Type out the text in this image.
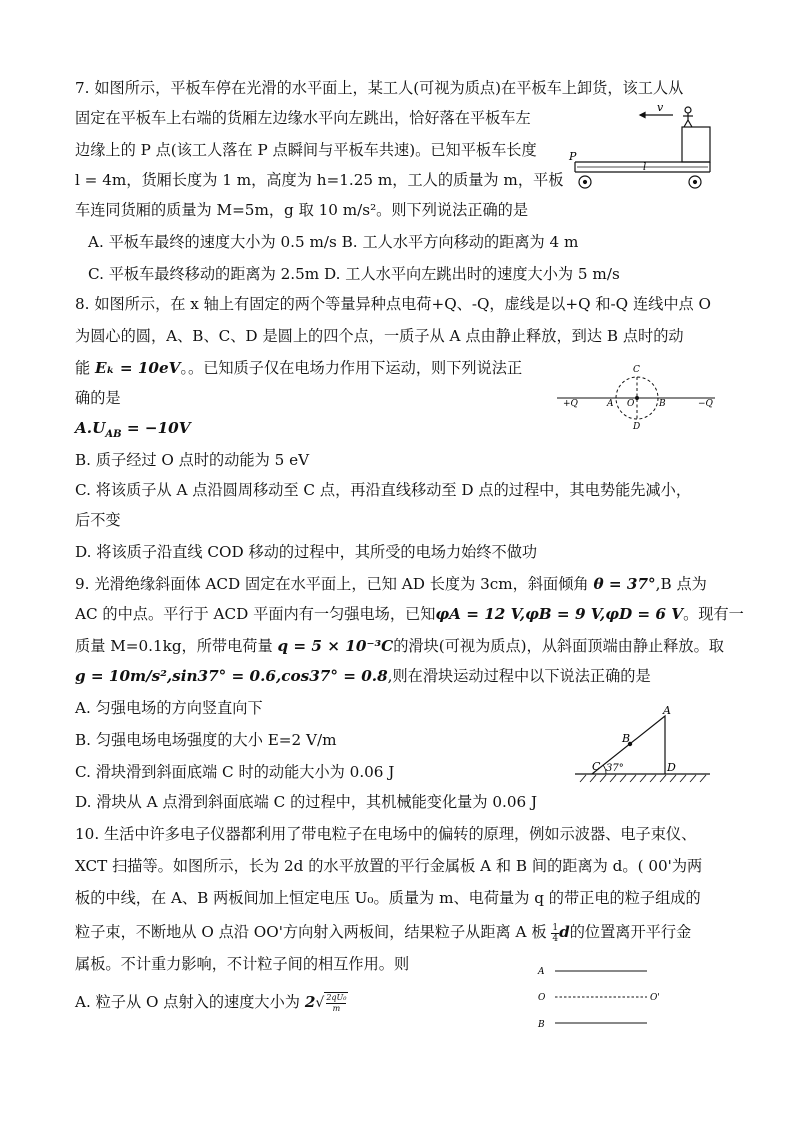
7. 如图所示，平板车停在光滑的水平面上，某工人(可视为质点)在平板车上卸货，该工人从
固定在平板车上右端的货厢左边缘水平向左跳出，恰好落在平板车左
边缘上的 P 点(该工人落在 P 点瞬间与平板车共速)。已知平板车长度
l = 4m，货厢长度为 1 m，高度为 h=1.25 m，工人的质量为 m，平板
车连同货厢的质量为 M=5m，g 取 10 m/s²。则下列说法正确的是
A. 平板车最终的速度大小为 0.5 m/s B. 工人水平方向移动的距离为 4 m
C. 平板车最终移动的距离为 2.5m D. 工人水平向左跳出时的速度大小为 5 m/s
v
P
l
8. 如图所示，在 x 轴上有固定的两个等量异种点电荷+Q、-Q，虚线是以+Q 和-Q 连线中点 O
为圆心的圆，A、B、C、D 是圆上的四个点，一质子从 A 点由静止释放，到达 B 点时的动
能 Eₖ = 10eV。。已知质子仅在电场力作用下运动，则下列说法正
确的是
$A.U_{AB} = -10V$
B. 质子经过 O 点时的动能为 5 eV
C. 将该质子从 A 点沿圆周移动至 C 点，再沿直线移动至 D 点的过程中，其电势能先减小，
后不变
D. 将该质子沿直线 COD 移动的过程中，其所受的电场力始终不做功
+Q	A O	B	−Q
C
D
9. 光滑绝缘斜面体 ACD 固定在水平面上，已知 AD 长度为 3cm，斜面倾角 θ = 37°,B 点为
AC 的中点。平行于 ACD 平面内有一匀强电场，已知φA = 12 V,φB = 9 V,φD = 6 V。现有一
质量 M=0.1kg，所带电荷量 q = 5 × 10⁻³C的滑块(可视为质点)，从斜面顶端由静止释放。取
g = 10m/s²,sin37° = 0.6,cos37° = 0.8,则在滑块运动过程中以下说法正确的是
A. 匀强电场的方向竖直向下
B. 匀强电场电场强度的大小 E=2 V/m
C. 滑块滑到斜面底端 C 时的动能大小为 0.06 J
D. 滑块从 A 点滑到斜面底端 C 的过程中，其机械能变化量为 0.06 J
A
B
C	D
37°
10. 生活中许多电子仪器都利用了带电粒子在电场中的偏转的原理，例如示波器、电子束仪、
XCT 扫描等。如图所示，长为 2d 的水平放置的平行金属板 A 和 B 间的距离为 d。( 00'为两
板的中线，在 A、B 两板间加上恒定电压 U₀。质量为 m、电荷量为 q 的带正电的粒子组成的
粒子束，不断地从 O 点沿 OO'方向射入两板间，结果粒子从距离 A 板 $\frac{1}{4}$ d的位置离开平行金
属板。不计重力影响，不计粒子间的相互作用。则
A. 粒子从 O 点射入的速度大小为 $2√ \frac{\text{2qU₀}}{m}$
A
O	O'
B
